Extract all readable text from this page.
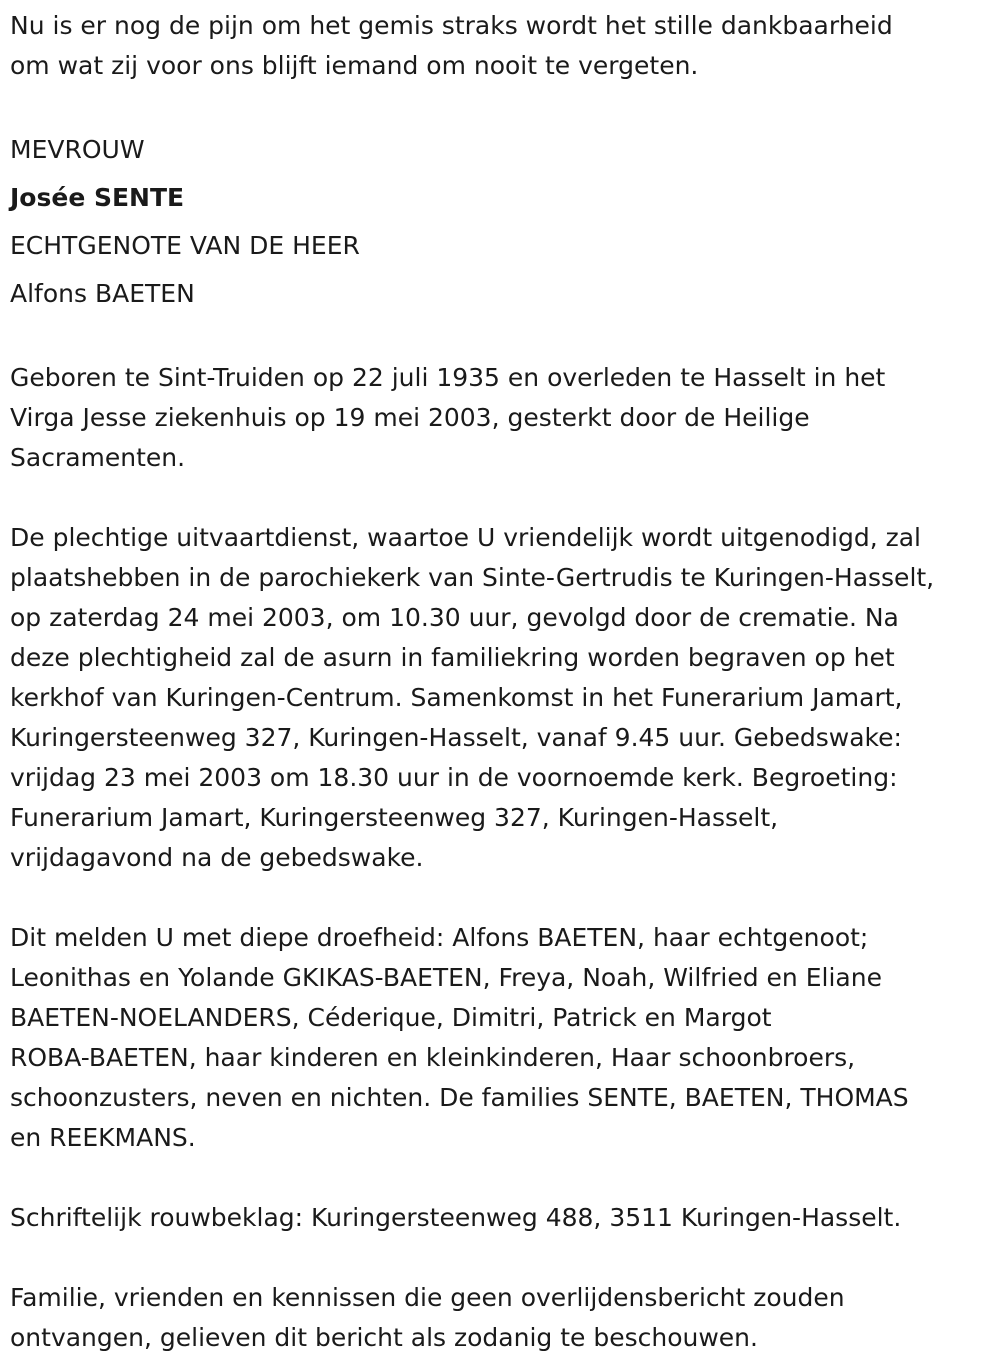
Nu is er nog de pijn om het gemis straks wordt het stille dankbaarheid
om wat zij voor ons blijft iemand om nooit te vergeten.
MEVROUW
Josée SENTE
ECHTGENOTE VAN DE HEER
Alfons BAETEN
Geboren te Sint-Truiden op 22 juli 1935 en overleden te Hasselt in het
Virga Jesse ziekenhuis op 19 mei 2003, gesterkt door de Heilige
Sacramenten.
De plechtige uitvaartdienst, waartoe U vriendelijk wordt uitgenodigd, zal
plaatshebben in de parochiekerk van Sinte-Gertrudis te Kuringen-Hasselt,
op zaterdag 24 mei 2003, om 10.30 uur, gevolgd door de crematie. Na
deze plechtigheid zal de asurn in familiekring worden begraven op het
kerkhof van Kuringen-Centrum. Samenkomst in het Funerarium Jamart,
Kuringersteenweg 327, Kuringen-Hasselt, vanaf 9.45 uur. Gebedswake:
vrijdag 23 mei 2003 om 18.30 uur in de voornoemde kerk. Begroeting:
Funerarium Jamart, Kuringersteenweg 327, Kuringen-Hasselt,
vrijdagavond na de gebedswake.
Dit melden U met diepe droefheid: Alfons BAETEN, haar echtgenoot;
Leonithas en Yolande GKIKAS-BAETEN, Freya, Noah, Wilfried en Eliane
BAETEN-NOELANDERS, Céderique, Dimitri, Patrick en Margot
ROBA-BAETEN, haar kinderen en kleinkinderen, Haar schoonbroers,
schoonzusters, neven en nichten. De families SENTE, BAETEN, THOMAS
en REEKMANS.
Schriftelijk rouwbeklag: Kuringersteenweg 488, 3511 Kuringen-Hasselt.
Familie, vrienden en kennissen die geen overlijdensbericht zouden
ontvangen, gelieven dit bericht als zodanig te beschouwen.
